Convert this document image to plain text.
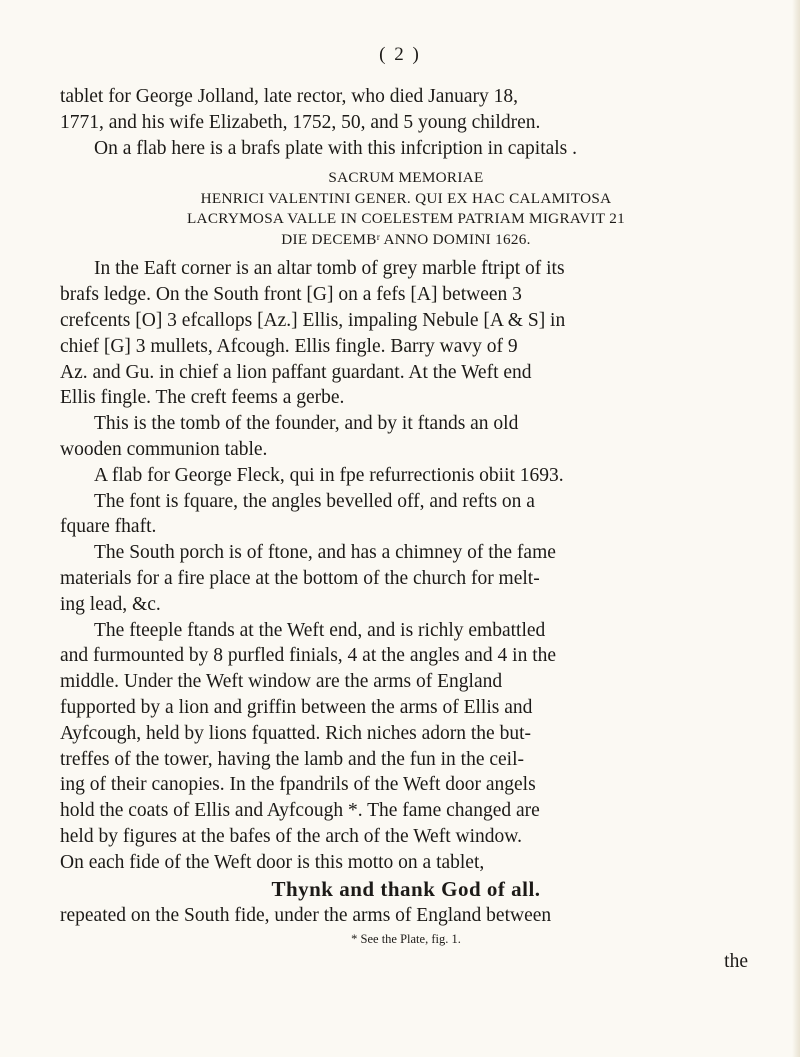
( 2 )

tablet for George Jolland, late rector, who died January 18,

1771, and his wife Elizabeth, 1752, 50, and 5 young children.

On a flab here is a brafs plate with this infcription in capitals .

SACRUM MEMORIAE
HENRICI VALENTINI GENER. QUI EX HAC CALAMITOSA
LACRYMOSA VALLE IN COELESTEM PATRIAM MIGRAVIT 21
DIE DECEMBʳ ANNO DOMINI 1626.

In the Eaft corner is an altar tomb of grey marble ftript of its

brafs ledge. On the South front [G] on a fefs [A] between 3

crefcents [O] 3 efcallops [Az.] Ellis, impaling Nebule [A & S] in

chief [G] 3 mullets, Afcough. Ellis fingle. Barry wavy of 9

Az. and Gu. in chief a lion paffant guardant. At the Weft end

Ellis fingle. The creft feems a gerbe.

This is the tomb of the founder, and by it ftands an old

wooden communion table.

A flab for George Fleck, qui in fpe refurrectionis obiit 1693.

The font is fquare, the angles bevelled off, and refts on a

fquare fhaft.

The South porch is of ftone, and has a chimney of the fame

materials for a fire place at the bottom of the church for melt-

ing lead, &c.

The fteeple ftands at the Weft end, and is richly embattled

and furmounted by 8 purfled finials, 4 at the angles and 4 in the

middle. Under the Weft window are the arms of England

fupported by a lion and griffin between the arms of Ellis and

Ayfcough, held by lions fquatted. Rich niches adorn the but-

treffes of the tower, having the lamb and the fun in the ceil-

ing of their canopies. In the fpandrils of the Weft door angels

hold the coats of Ellis and Ayfcough *. The fame changed are

held by figures at the bafes of the arch of the Weft window.

On each fide of the Weft door is this motto on a tablet,

Thynk and thank God of all.

repeated on the South fide, under the arms of England between

* See the Plate, fig. 1.
the
